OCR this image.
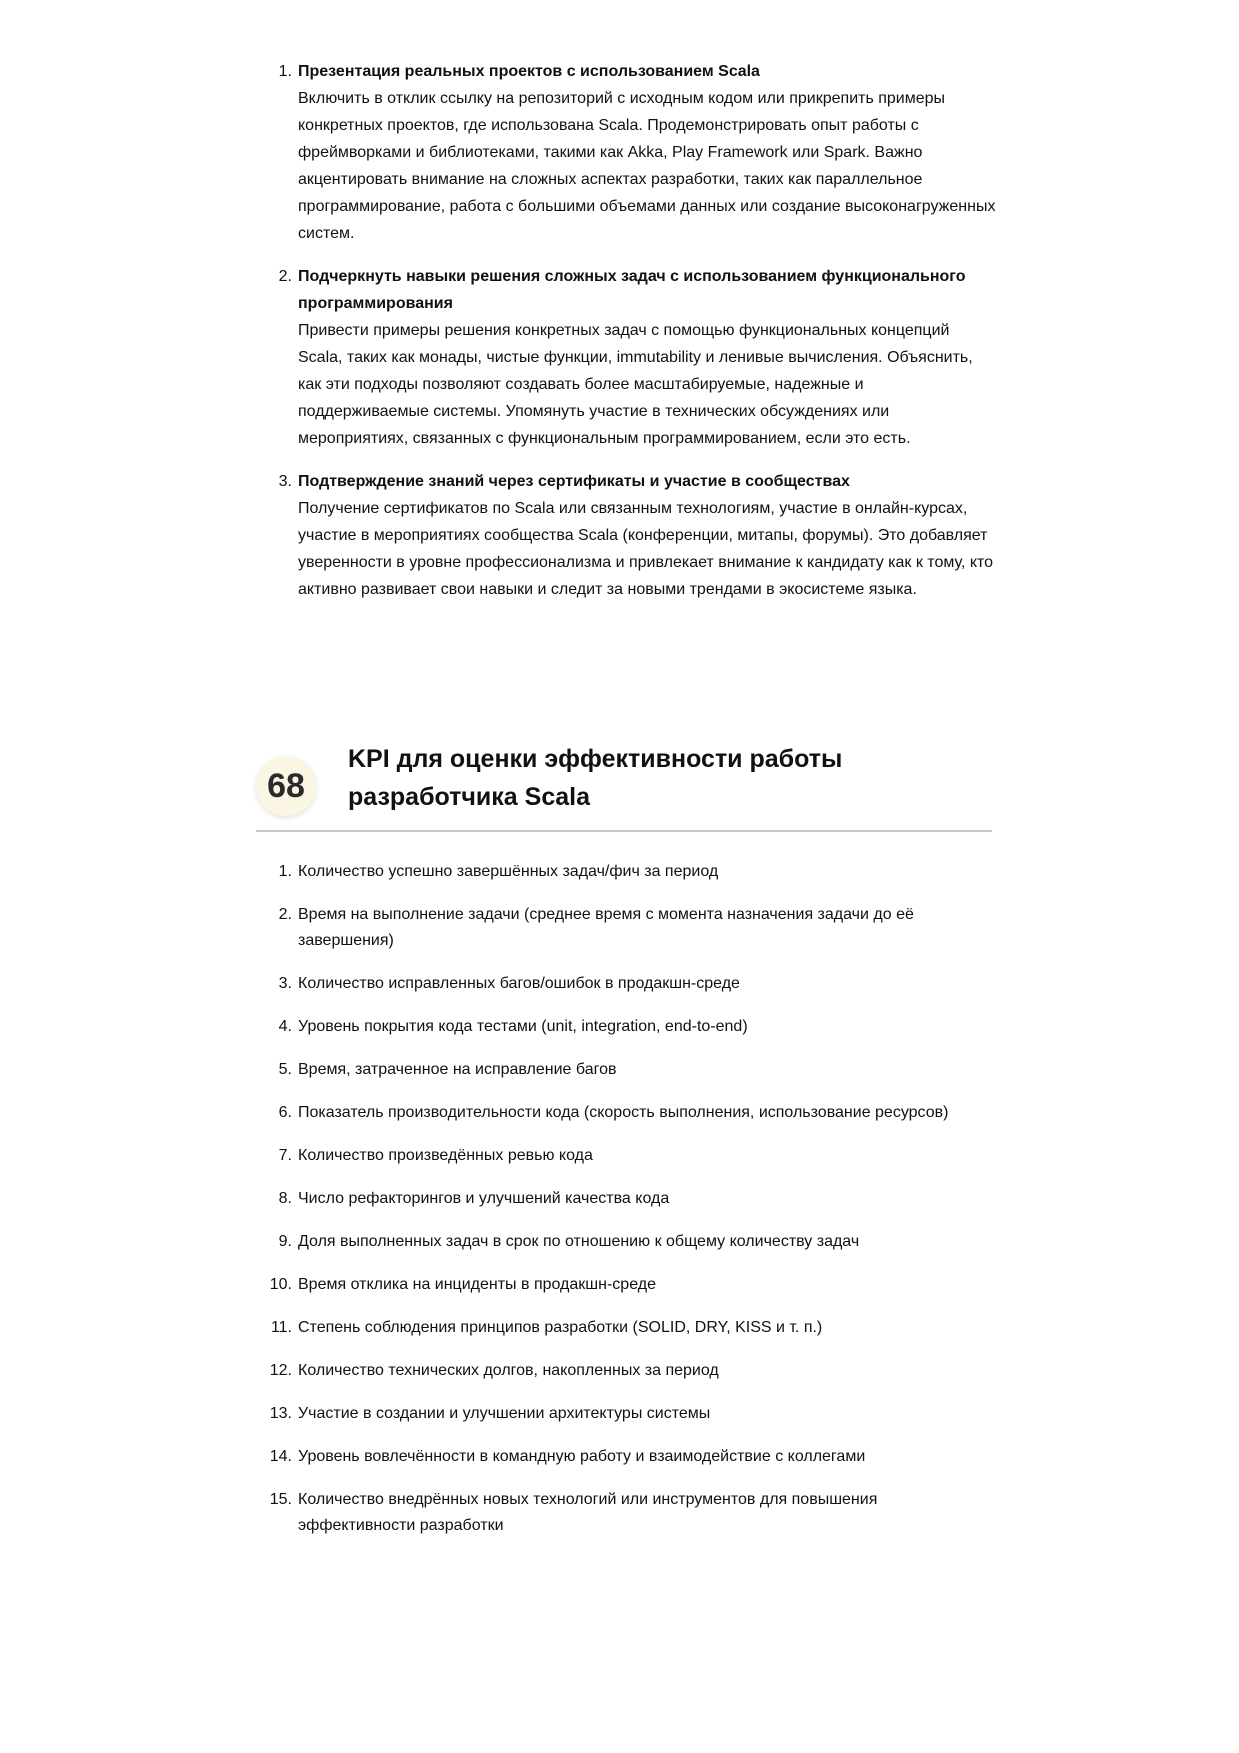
1. Презентация реальных проектов с использованием Scala
Включить в отклик ссылку на репозиторий с исходным кодом или прикрепить примеры конкретных проектов, где использована Scala. Продемонстрировать опыт работы с фреймворками и библиотеками, такими как Akka, Play Framework или Spark. Важно акцентировать внимание на сложных аспектах разработки, таких как параллельное программирование, работа с большими объемами данных или создание высоконагруженных систем.
2. Подчеркнуть навыки решения сложных задач с использованием функционального программирования
Привести примеры решения конкретных задач с помощью функциональных концепций Scala, таких как монады, чистые функции, immutability и ленивые вычисления. Объяснить, как эти подходы позволяют создавать более масштабируемые, надежные и поддерживаемые системы. Упомянуть участие в технических обсуждениях или мероприятиях, связанных с функциональным программированием, если это есть.
3. Подтверждение знаний через сертификаты и участие в сообществах
Получение сертификатов по Scala или связанным технологиям, участие в онлайн-курсах, участие в мероприятиях сообщества Scala (конференции, митапы, форумы). Это добавляет уверенности в уровне профессионализма и привлекает внимание к кандидату как к тому, кто активно развивает свои навыки и следит за новыми трендами в экосистеме языка.
68
KPI для оценки эффективности работы разработчика Scala
1. Количество успешно завершённых задач/фич за период
2. Время на выполнение задачи (среднее время с момента назначения задачи до её завершения)
3. Количество исправленных багов/ошибок в продакшн-среде
4. Уровень покрытия кода тестами (unit, integration, end-to-end)
5. Время, затраченное на исправление багов
6. Показатель производительности кода (скорость выполнения, использование ресурсов)
7. Количество произведённых ревью кода
8. Число рефакторингов и улучшений качества кода
9. Доля выполненных задач в срок по отношению к общему количеству задач
10. Время отклика на инциденты в продакшн-среде
11. Степень соблюдения принципов разработки (SOLID, DRY, KISS и т. п.)
12. Количество технических долгов, накопленных за период
13. Участие в создании и улучшении архитектуры системы
14. Уровень вовлечённости в командную работу и взаимодействие с коллегами
15. Количество внедрённых новых технологий или инструментов для повышения эффективности разработки
